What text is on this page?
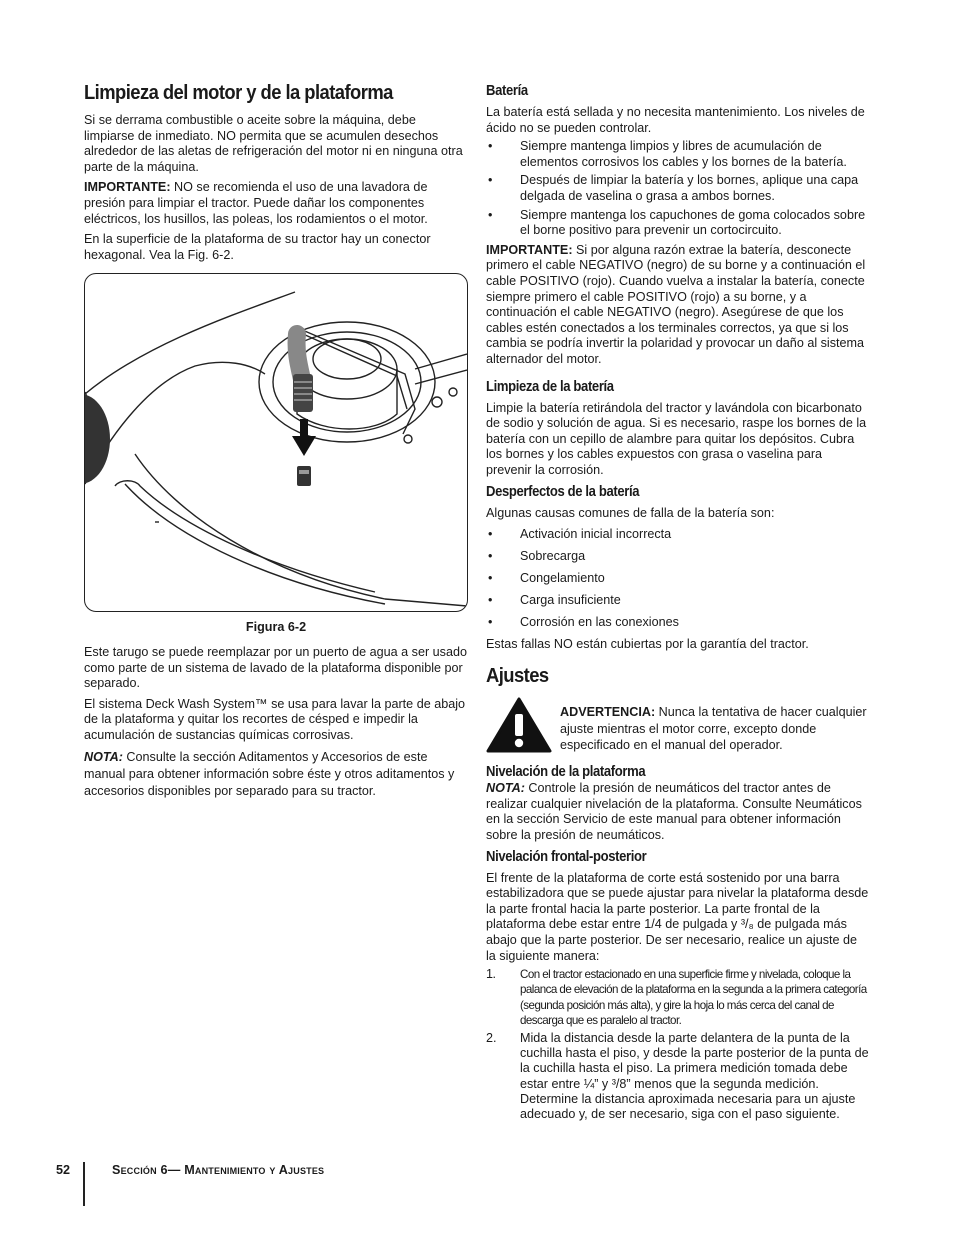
Limpieza del motor y de la plataforma

Si se derrama combustible o aceite sobre la máquina, debe limpiarse de inmediato. NO permita que se acumulen desechos alrededor de las aletas de refrigeración del motor ni en ninguna otra parte de la máquina.

IMPORTANTE: NO se recomienda el uso de una lavadora de presión para limpiar el tractor. Puede dañar los componentes eléctricos, los husillos, las poleas, los rodamientos o el motor.

En la superficie de la plataforma de su tractor hay un conector hexagonal. Vea la Fig. 6-2.

Figura 6-2

Este tarugo se puede reemplazar por un puerto de agua a ser usado como parte de un sistema de lavado de la plataforma disponible por separado.

El sistema Deck Wash System™ se usa para lavar la parte de abajo de la plataforma y quitar los recortes de césped e impedir la acumulación de sustancias químicas corrosivas.

NOTA: Consulte la sección Aditamentos y Accesorios de este manual para obtener información sobre éste y otros aditamentos y accesorios disponibles por separado para su tractor.

Batería

La batería está sellada y no necesita mantenimiento. Los niveles de ácido no se pueden controlar.

• Siempre mantenga limpios y libres de acumulación de elementos corrosivos los cables y los bornes de la batería.
• Después de limpiar la batería y los bornes, aplique una capa delgada de vaselina o grasa a ambos bornes.
• Siempre mantenga los capuchones de goma colocados sobre el borne positivo para prevenir un cortocircuito.

IMPORTANTE: Si por alguna razón extrae la batería, desconecte primero el cable NEGATIVO (negro) de su borne y a continuación el cable POSITIVO (rojo). Cuando vuelva a instalar la batería, conecte siempre primero el cable POSITIVO (rojo) a su borne, y a continuación el cable NEGATIVO (negro). Asegúrese de que los cables estén conectados a los terminales correctos, ya que si los cambia se podría invertir la polaridad y provocar un daño al sistema alternador del motor.

Limpieza de la batería

Limpie la batería retirándola del tractor y lavándola con bicarbonato de sodio y solución de agua. Si es necesario, raspe los bornes de la batería con un cepillo de alambre para quitar los depósitos. Cubra los bornes y los cables expuestos con grasa o vaselina para prevenir la corrosión.

Desperfectos de la batería

Algunas causas comunes de falla de la batería son:

• Activación inicial incorrecta
• Sobrecarga
• Congelamiento
• Carga insuficiente
• Corrosión en las conexiones

Estas fallas NO están cubiertas por la garantía del tractor.

Ajustes

ADVERTENCIA: Nunca la tentativa de hacer cualquier ajuste mientras el motor corre, excepto donde especificado en el manual del operador.

Nivelación de la plataforma

NOTA: Controle la presión de neumáticos del tractor antes de realizar cualquier nivelación de la plataforma. Consulte Neumáticos en la sección Servicio de este manual para obtener información sobre la presión de neumáticos.

Nivelación frontal-posterior

El frente de la plataforma de corte está sostenido por una barra estabilizadora que se puede ajustar para nivelar la plataforma desde la parte frontal hacia la parte posterior. La parte frontal de la plataforma debe estar entre 1/4 de pulgada y ³/₈ de pulgada más abajo que la parte posterior. De ser necesario, realice un ajuste de la siguiente manera:

1. Con el tractor estacionado en una superficie firme y nivelada, coloque la palanca de elevación de la plataforma en la segunda a la primera categoría (segunda posición más alta), y gire la hoja lo más cerca del canal de descarga que es paralelo al tractor.
2. Mida la distancia desde la parte delantera de la punta de la cuchilla hasta el piso, y desde la parte posterior de la punta de la cuchilla hasta el piso. La primera medición tomada debe estar entre ¼” y ³/8” menos que la segunda medición. Determine la distancia aproximada necesaria para un ajuste adecuado y, de ser necesario, siga con el paso siguiente.
52	Sección 6— Mantenimiento y Ajustes
